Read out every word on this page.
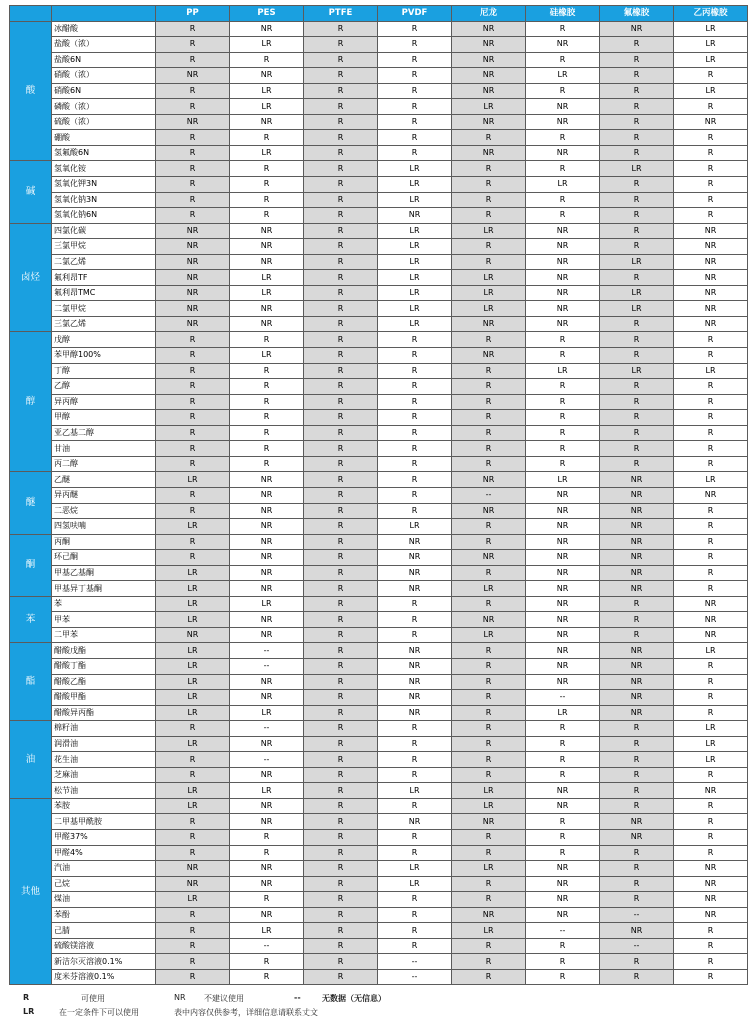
		PP	PES	PTFE	PVDF	尼龙	硅橡胶	氟橡胶	乙丙橡胶
酸	冰醋酸	R	NR	R	R	NR	R	NR	LR
	盐酸（浓）	R	LR	R	R	NR	NR	R	LR
	盐酸6N	R	R	R	R	NR	R	R	LR
	硝酸（浓）	NR	NR	R	R	NR	LR	R	R
	硝酸6N	R	LR	R	R	NR	R	R	LR
	磷酸（浓）	R	LR	R	R	LR	NR	R	R
	硫酸（浓）	NR	NR	R	R	NR	NR	R	NR
	硼酸	R	R	R	R	R	R	R	R
	氢氟酸6N	R	LR	R	R	NR	NR	R	R
碱	氢氧化铵	R	R	R	LR	R	R	LR	R
	氢氧化钾3N	R	R	R	LR	R	LR	R	R
	氢氧化钠3N	R	R	R	LR	R	R	R	R
	氢氧化钠6N	R	R	R	NR	R	R	R	R
卤烃	四氯化碳	NR	NR	R	LR	LR	NR	R	NR
	三氯甲烷	NR	NR	R	LR	R	NR	R	NR
	二氯乙烯	NR	NR	R	LR	R	NR	LR	NR
	氟利昂TF	NR	LR	R	LR	LR	NR	R	NR
	氟利昂TMC	NR	LR	R	LR	LR	NR	LR	NR
	二氯甲烷	NR	NR	R	LR	LR	NR	LR	NR
	三氯乙烯	NR	NR	R	LR	NR	NR	R	NR
醇	戊醇	R	R	R	R	R	R	R	R
	苯甲醇100%	R	LR	R	R	NR	R	R	R
	丁醇	R	R	R	R	R	LR	LR	LR
	乙醇	R	R	R	R	R	R	R	R
	异丙醇	R	R	R	R	R	R	R	R
	甲醇	R	R	R	R	R	R	R	R
	亚乙基二醇	R	R	R	R	R	R	R	R
	甘油	R	R	R	R	R	R	R	R
	丙二醇	R	R	R	R	R	R	R	R
醚	乙醚	LR	NR	R	R	NR	LR	NR	LR
	异丙醚	R	NR	R	R	--	NR	NR	NR
	二恶烷	R	NR	R	R	NR	NR	NR	R
	四氢呋喃	LR	NR	R	LR	R	NR	NR	R
酮	丙酮	R	NR	R	NR	R	NR	NR	R
	环己酮	R	NR	R	NR	NR	NR	NR	R
	甲基乙基酮	LR	NR	R	NR	R	NR	NR	R
	甲基异丁基酮	LR	NR	R	NR	LR	NR	NR	R
苯	苯	LR	LR	R	R	R	NR	R	NR
	甲苯	LR	NR	R	R	NR	NR	R	NR
	二甲苯	NR	NR	R	R	LR	NR	R	NR
酯	醋酸戊酯	LR	--	R	NR	R	NR	NR	LR
	醋酸丁酯	LR	--	R	NR	R	NR	NR	R
	醋酸乙酯	LR	NR	R	NR	R	NR	NR	R
	醋酸甲酯	LR	NR	R	NR	R	--	NR	R
	醋酸异丙酯	LR	LR	R	NR	R	LR	NR	R
油	棉籽油	R	--	R	R	R	R	R	LR
	润滑油	LR	NR	R	R	R	R	R	LR
	花生油	R	--	R	R	R	R	R	LR
	芝麻油	R	NR	R	R	R	R	R	R
	松节油	LR	LR	R	LR	LR	NR	R	NR
其他	苯胺	LR	NR	R	R	LR	NR	R	R
	二甲基甲酰胺	R	NR	R	NR	NR	R	NR	R
	甲醛37%	R	R	R	R	R	R	NR	R
	甲醛4%	R	R	R	R	R	R	R	R
	汽油	NR	NR	R	LR	LR	NR	R	NR
	己烷	NR	NR	R	LR	R	NR	R	NR
	煤油	LR	R	R	R	R	NR	R	NR
	苯酚	R	NR	R	R	NR	NR	--	NR
	己腈	R	LR	R	R	LR	--	NR	R
	硫酸镁溶液	R	--	R	R	R	R	--	R
	新洁尔灭溶液0.1%	R	R	R	--	R	R	R	R
	度米芬溶液0.1%	R	R	R	--	R	R	R	R
R	可使用	NR 不建议使用	--	无数据（无信息）
LR	在一定条件下可以使用	表中内容仅供参考，详细信息请联系丈文
